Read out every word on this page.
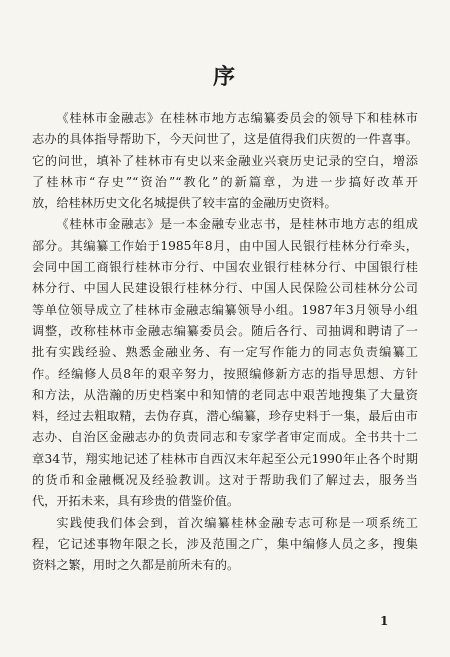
序
《桂林市金融志》在桂林市地方志编纂委员会的领导下和桂林市
志办的具体指导帮助下，今天问世了，这是值得我们庆贺的一件喜事。
它的问世，填补了桂林市有史以来金融业兴衰历史记录的空白，增添
了桂林市“存史”“资治”“教化”的新篇章，为进一步搞好改革开
放，给桂林历史文化名城提供了较丰富的金融历史资料。
《桂林市金融志》是一本金融专业志书，是桂林市地方志的组成
部分。其编纂工作始于1985年8月，由中国人民银行桂林分行牵头，
会同中国工商银行桂林市分行、中国农业银行桂林分行、中国银行桂
林分行、中国人民建设银行桂林分行、中国人民保险公司桂林分公司
等单位领导成立了桂林市金融志编纂领导小组。1987年3月领导小组
调整，改称桂林市金融志编纂委员会。随后各行、司抽调和聘请了一
批有实践经验、熟悉金融业务、有一定写作能力的同志负责编纂工
作。经编修人员8年的艰辛努力，按照编修新方志的指导思想、方针
和方法，从浩瀚的历史档案中和知情的老同志中艰苦地搜集了大量资
料，经过去粗取精，去伪存真，潜心编纂，珍存史料于一集，最后由市
志办、自治区金融志办的负责同志和专家学者审定而成。全书共十二
章34节，翔实地记述了桂林市自西汉末年起至公元1990年止各个时期
的货币和金融概况及经验教训。这对于帮助我们了解过去，服务当
代，开拓未来，具有珍贵的借鉴价值。
实践使我们体会到，首次编纂桂林金融专志可称是一项系统工
程，它记述事物年限之长，涉及范围之广，集中编修人员之多，搜集
资料之繁，用时之久都是前所未有的。
1
